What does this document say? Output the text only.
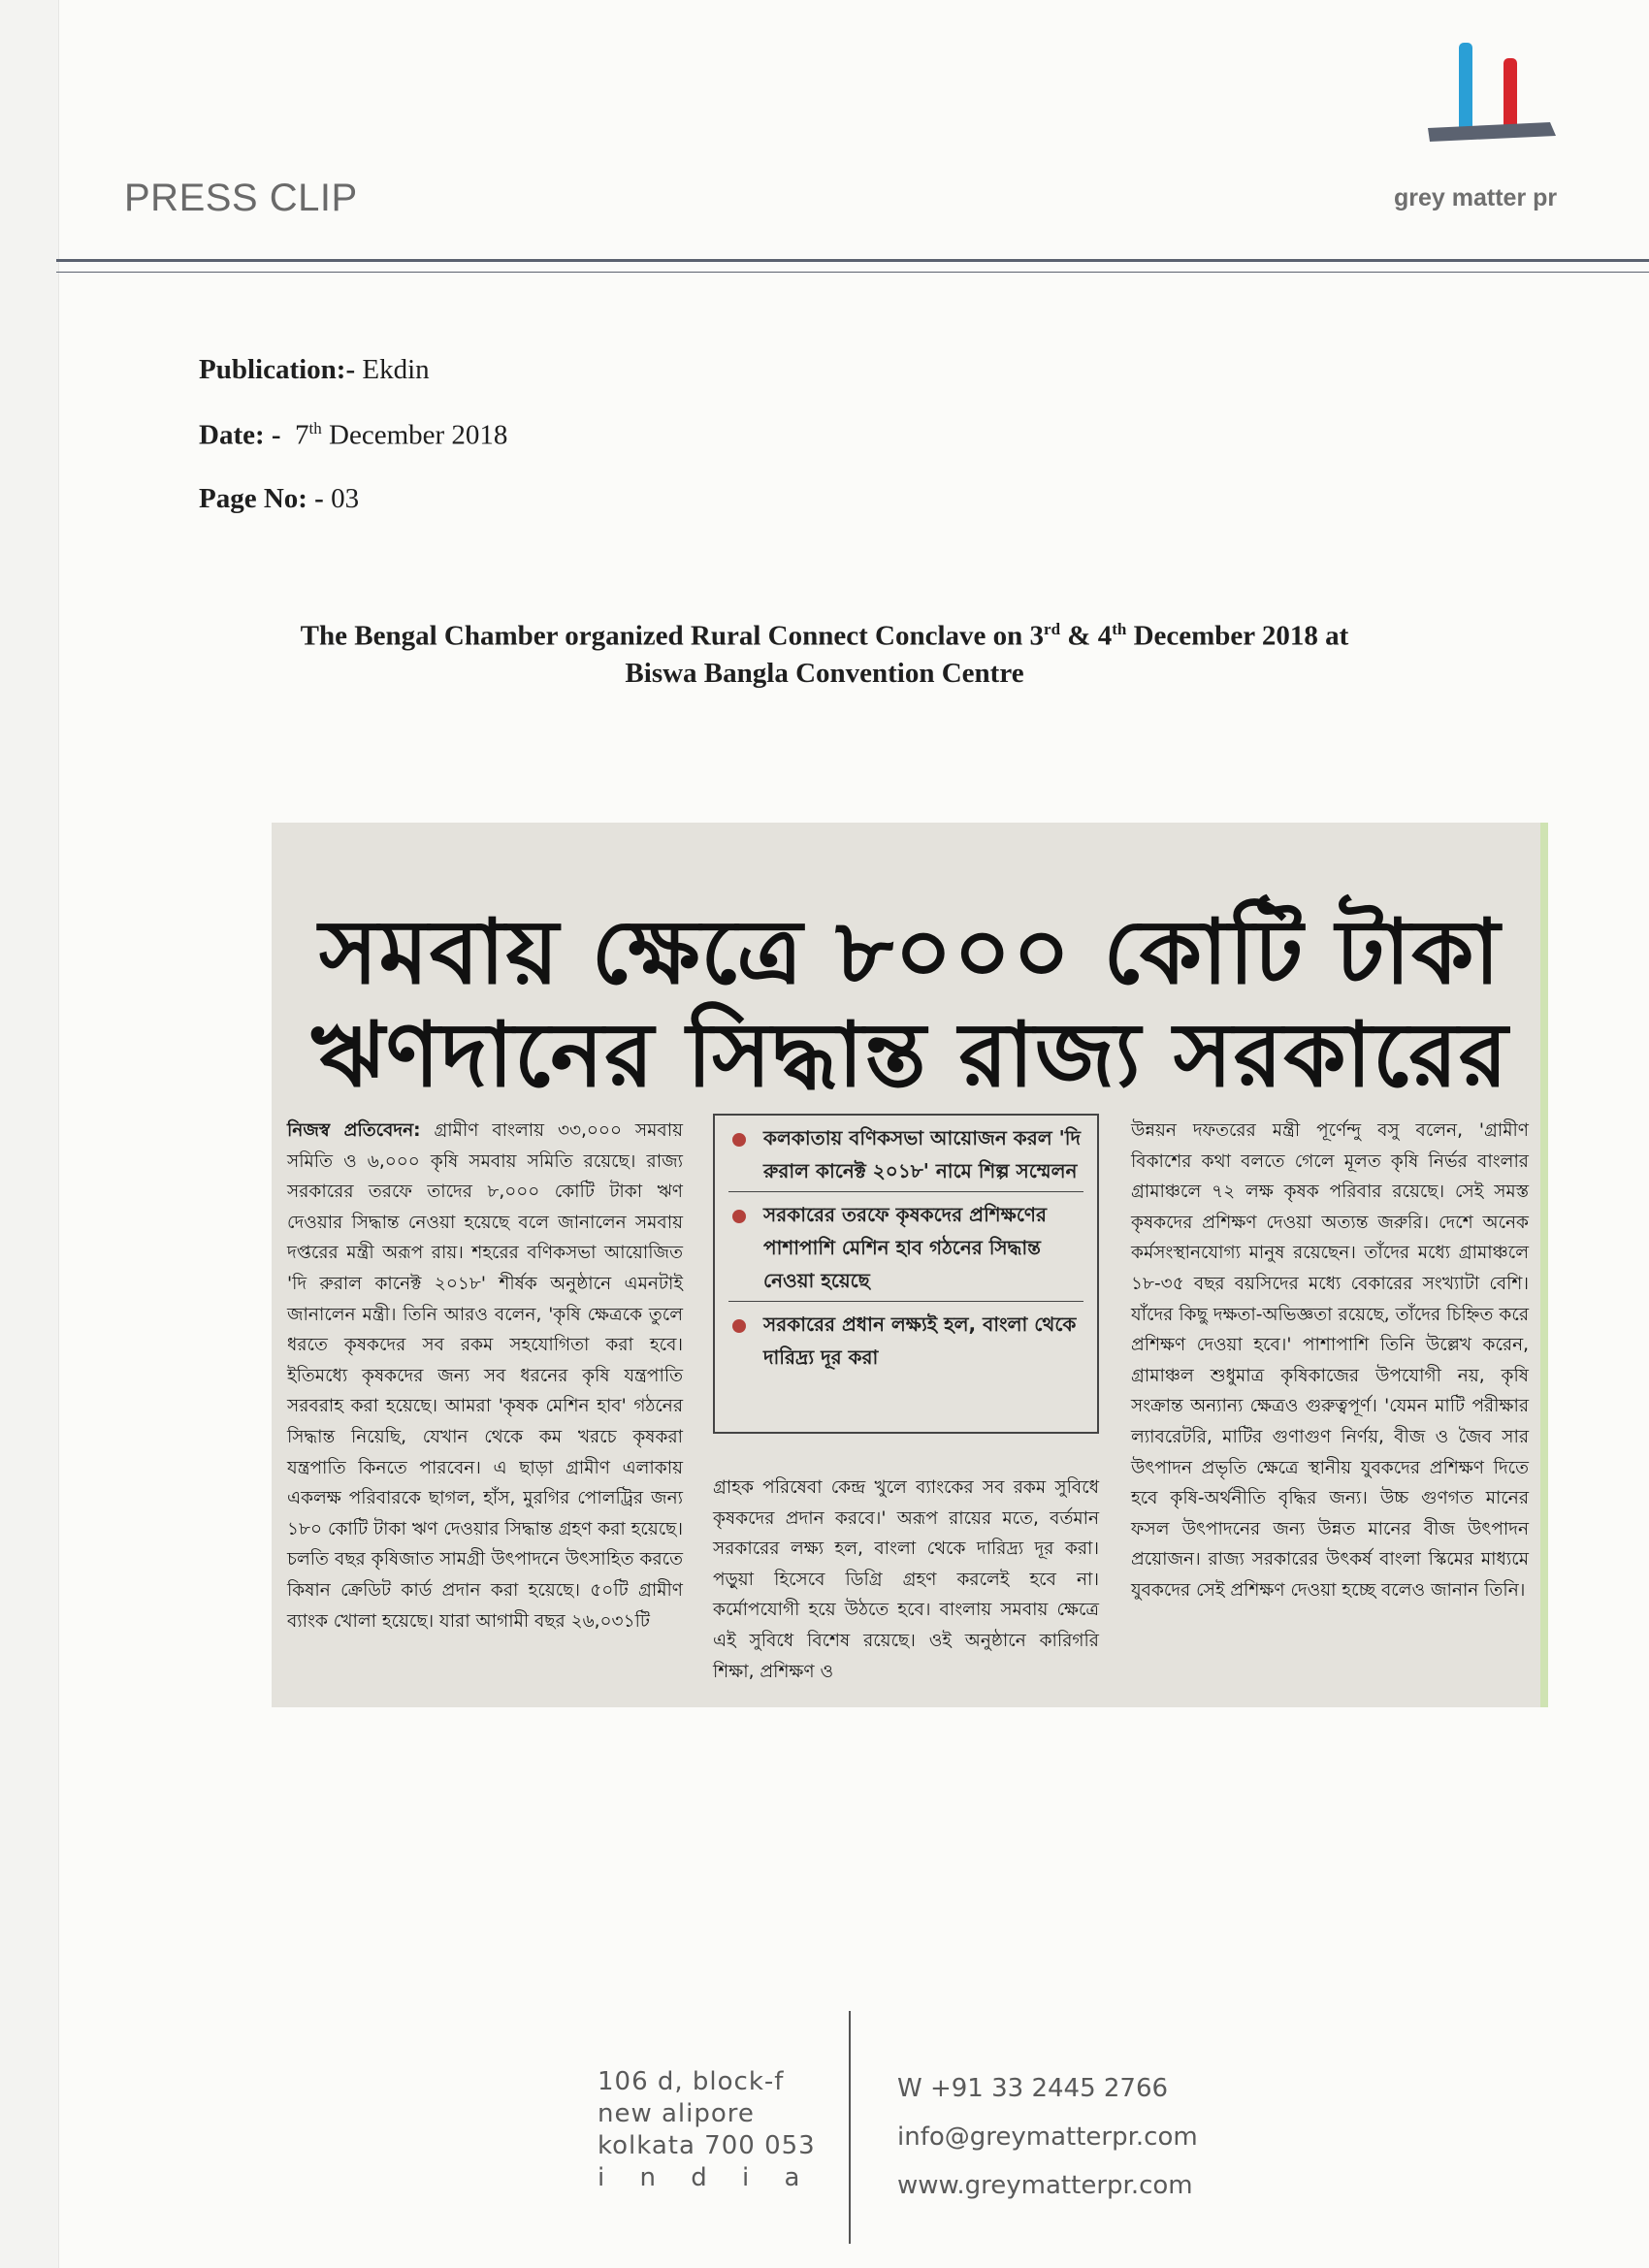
PRESS CLIP	grey matter pr
Publication:- Ekdin
Date: - 7th December 2018
Page No: - 03
The Bengal Chamber organized Rural Connect Conclave on 3rd & 4th December 2018 at
Biswa Bangla Convention Centre
সমবায় ক্ষেত্রে ৮০০০ কোটি টাকা
ঋণদানের সিদ্ধান্ত রাজ্য সরকারের
নিজস্ব প্রতিবেদন: গ্রামীণ বাংলায় ৩৩,০০০ সমবায় সমিতি ও ৬,০০০ কৃষি সমবায় সমিতি রয়েছে। রাজ্য সরকারের তরফে তাদের ৮,০০০ কোটি টাকা ঋণ দেওয়ার সিদ্ধান্ত নেওয়া হয়েছে বলে জানালেন সমবায় দপ্তরের মন্ত্রী অরূপ রায়। শহরের বণিকসভা আয়োজিত 'দি রুরাল কানেক্ট ২০১৮' শীর্ষক অনুষ্ঠানে এমনটাই জানালেন মন্ত্রী। তিনি আরও বলেন, 'কৃষি ক্ষেত্রকে তুলে ধরতে কৃষকদের সব রকম সহযোগিতা করা হবে। ইতিমধ্যে কৃষকদের জন্য সব ধরনের কৃষি যন্ত্রপাতি সরবরাহ করা হয়েছে। আমরা 'কৃষক মেশিন হাব' গঠনের সিদ্ধান্ত নিয়েছি, যেখান থেকে কম খরচে কৃষকরা যন্ত্রপাতি কিনতে পারবেন। এ ছাড়া গ্রামীণ এলাকায় একলক্ষ পরিবারকে ছাগল, হাঁস, মুরগির পোলট্রির জন্য ১৮০ কোটি টাকা ঋণ দেওয়ার সিদ্ধান্ত গ্রহণ করা হয়েছে। চলতি বছর কৃষিজাত সামগ্রী উৎপাদনে উৎসাহিত করতে কিষান ক্রেডিট কার্ড প্রদান করা হয়েছে। ৫০টি গ্রামীণ ব্যাংক খোলা হয়েছে। যারা আগামী বছর ২৬,০৩১টি
কলকাতায় বণিকসভা আয়োজন করল 'দি রুরাল কানেক্ট ২০১৮' নামে শিল্প সম্মেলন
সরকারের তরফে কৃষকদের প্রশিক্ষণের পাশাপাশি মেশিন হাব গঠনের সিদ্ধান্ত নেওয়া হয়েছে
সরকারের প্রধান লক্ষ্যই হল, বাংলা থেকে দারিদ্র্য দূর করা
গ্রাহক পরিষেবা কেন্দ্র খুলে ব্যাংকের সব রকম সুবিধে কৃষকদের প্রদান করবে।' অরূপ রায়ের মতে, বর্তমান সরকারের লক্ষ্য হল, বাংলা থেকে দারিদ্র্য দূর করা। পড়ুয়া হিসেবে ডিগ্রি গ্রহণ করলেই হবে না। কর্মোপযোগী হয়ে উঠতে হবে। বাংলায় সমবায় ক্ষেত্রে এই সুবিধে বিশেষ রয়েছে। ওই অনুষ্ঠানে কারিগরি শিক্ষা, প্রশিক্ষণ ও
উন্নয়ন দফতরের মন্ত্রী পূর্ণেন্দু বসু বলেন, 'গ্রামীণ বিকাশের কথা বলতে গেলে মূলত কৃষি নির্ভর বাংলার গ্রামাঞ্চলে ৭২ লক্ষ কৃষক পরিবার রয়েছে। সেই সমস্ত কৃষকদের প্রশিক্ষণ দেওয়া অত্যন্ত জরুরি। দেশে অনেক কর্মসংস্থানযোগ্য মানুষ রয়েছেন। তাঁদের মধ্যে গ্রামাঞ্চলে ১৮-৩৫ বছর বয়সিদের মধ্যে বেকারের সংখ্যাটা বেশি। যাঁদের কিছু দক্ষতা-অভিজ্ঞতা রয়েছে, তাঁদের চিহ্নিত করে প্রশিক্ষণ দেওয়া হবে।' পাশাপাশি তিনি উল্লেখ করেন, গ্রামাঞ্চল শুধুমাত্র কৃষিকাজের উপযোগী নয়, কৃষি সংক্রান্ত অন্যান্য ক্ষেত্রও গুরুত্বপূর্ণ। 'যেমন মাটি পরীক্ষার ল্যাবরেটরি, মাটির গুণাগুণ নির্ণয়, বীজ ও জৈব সার উৎপাদন প্রভৃতি ক্ষেত্রে স্থানীয় যুবকদের প্রশিক্ষণ দিতে হবে কৃষি-অর্থনীতি বৃদ্ধির জন্য। উচ্চ গুণগত মানের ফসল উৎপাদনের জন্য উন্নত মানের বীজ উৎপাদন প্রয়োজন। রাজ্য সরকারের উৎকর্ষ বাংলা স্কিমের মাধ্যমে যুবকদের সেই প্রশিক্ষণ দেওয়া হচ্ছে বলেও জানান তিনি।
106 d, block-f
new alipore
kolkata 700 053
i n d i a
W +91 33 2445 2766
info@greymatterpr.com
www.greymatterpr.com
